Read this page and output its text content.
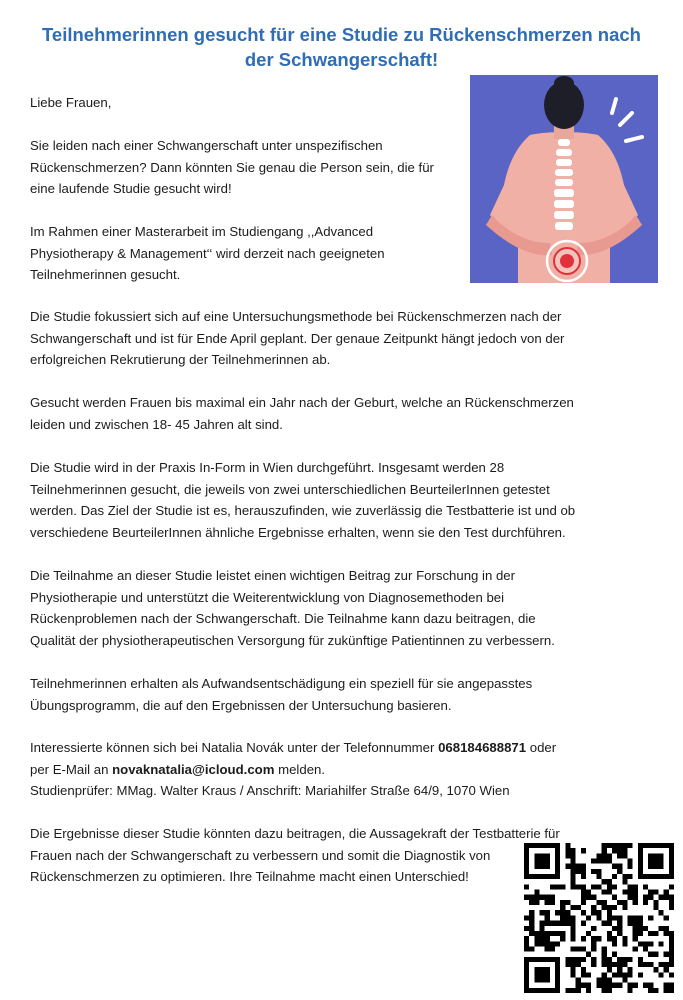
Teilnehmerinnen gesucht für eine Studie zu Rückenschmerzen nach
der Schwangerschaft!

Liebe Frauen,

Sie leiden nach einer Schwangerschaft unter unspezifischen
Rückenschmerzen? Dann könnten Sie genau die Person sein, die für
eine laufende Studie gesucht wird!

Im Rahmen einer Masterarbeit im Studiengang ,,Advanced
Physiotherapy & Management‘‘ wird derzeit nach geeigneten
Teilnehmerinnen gesucht.

Die Studie fokussiert sich auf eine Untersuchungsmethode bei Rückenschmerzen nach der
Schwangerschaft und ist für Ende April geplant. Der genaue Zeitpunkt hängt jedoch von der
erfolgreichen Rekrutierung der Teilnehmerinnen ab.

Gesucht werden Frauen bis maximal ein Jahr nach der Geburt, welche an Rückenschmerzen
leiden und zwischen 18- 45 Jahren alt sind.

Die Studie wird in der Praxis In-Form in Wien durchgeführt. Insgesamt werden 28
Teilnehmerinnen gesucht, die jeweils von zwei unterschiedlichen BeurteilerInnen getestet
werden. Das Ziel der Studie ist es, herauszufinden, wie zuverlässig die Testbatterie ist und ob
verschiedene BeurteilerInnen ähnliche Ergebnisse erhalten, wenn sie den Test durchführen.

Die Teilnahme an dieser Studie leistet einen wichtigen Beitrag zur Forschung in der
Physiotherapie und unterstützt die Weiterentwicklung von Diagnosemethoden bei
Rückenproblemen nach der Schwangerschaft. Die Teilnahme kann dazu beitragen, die
Qualität der physiotherapeutischen Versorgung für zukünftige Patientinnen zu verbessern.

Teilnehmerinnen erhalten als Aufwandsentschädigung ein speziell für sie angepasstes
Übungsprogramm, die auf den Ergebnissen der Untersuchung basieren.

Interessierte können sich bei Natalia Novák unter der Telefonnummer 068184688871 oder
per E-Mail an novaknatalia@icloud.com melden.
Studienprüfer: MMag. Walter Kraus / Anschrift: Mariahilfer Straße 64/9, 1070 Wien

Die Ergebnisse dieser Studie könnten dazu beitragen, die Aussagekraft der Testbatterie für
Frauen nach der Schwangerschaft zu verbessern und somit die Diagnostik von
Rückenschmerzen zu optimieren. Ihre Teilnahme macht einen Unterschied!
